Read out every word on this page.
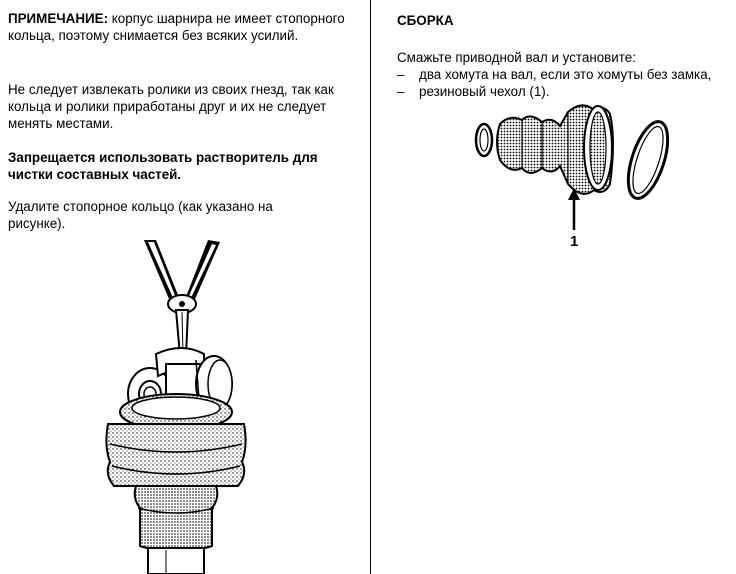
ПРИМЕЧАНИЕ: корпус шарнира не имеет стопорного кольца, поэтому снимается без всяких усилий.

Не следует извлекать ролики из своих гнезд, так как кольца и ролики приработаны друг и их не следует менять местами.

Запрещается использовать растворитель для чистки составных частей.

Удалите стопорное кольцо (как указано на рисунке).

СБОРКА

Смажьте приводной вал и установите:

– два хомута на вал, если это хомуты без замка,
– резиновый чехол (1).
1
